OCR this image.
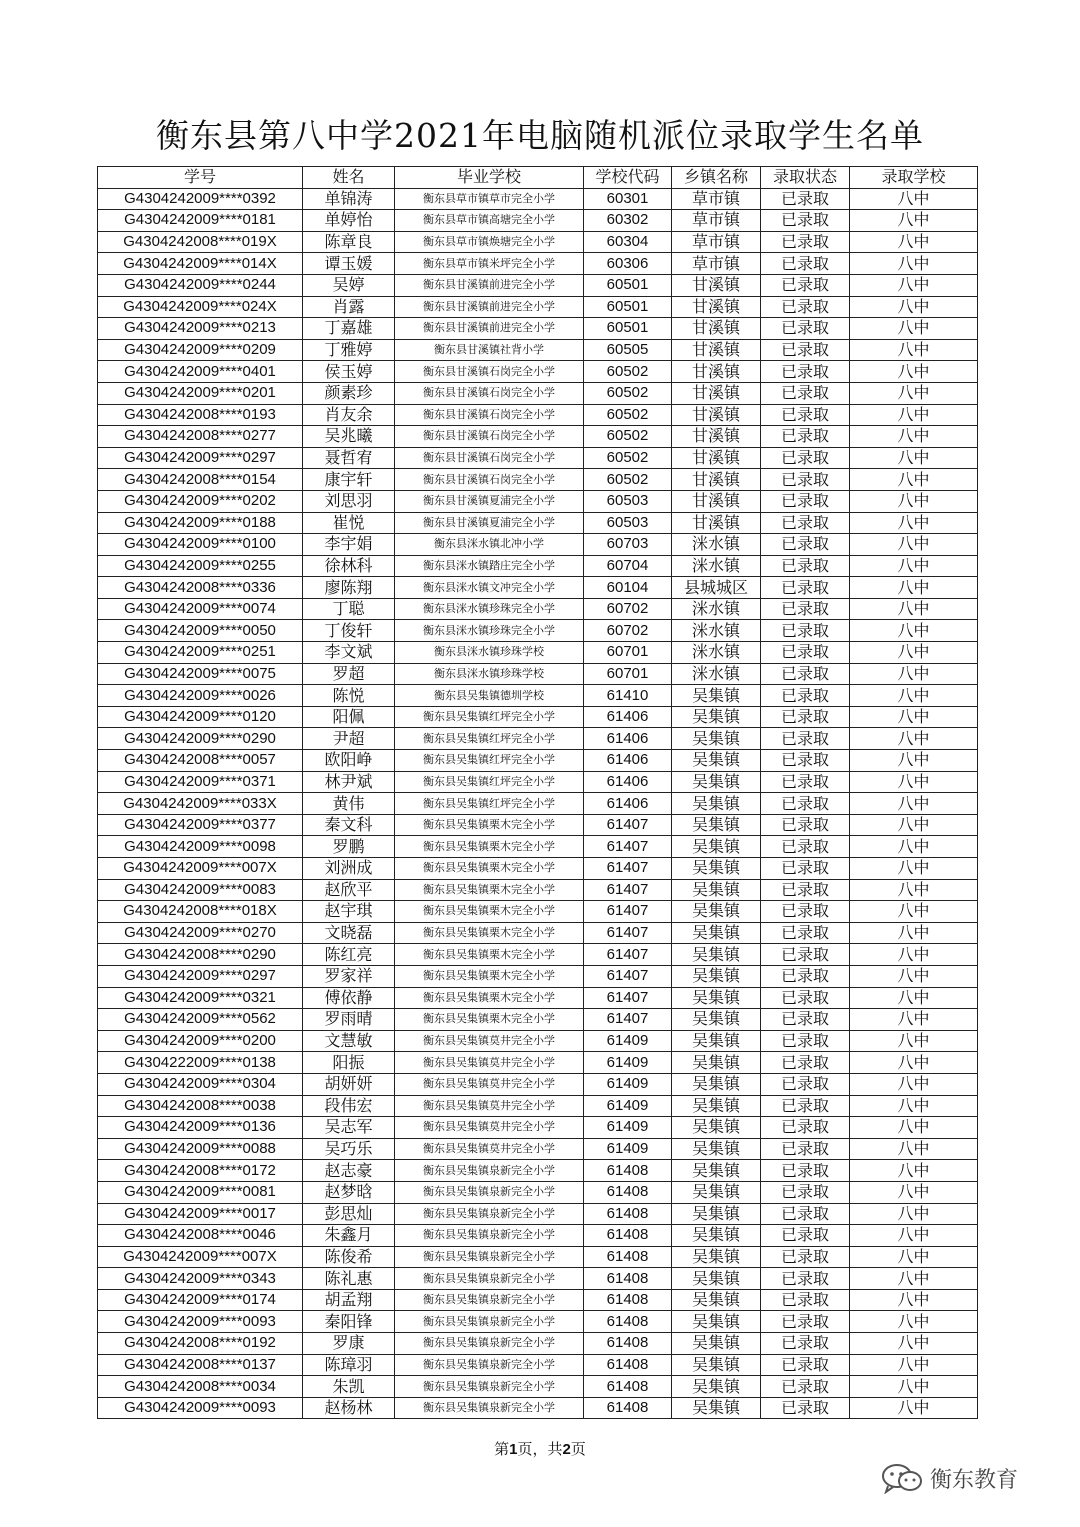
衡东县第八中学2021年电脑随机派位录取学生名单
学号	姓名	毕业学校	学校代码	乡镇名称	录取状态	录取学校
G4304242009****0392	单锦涛	衡东县草市镇草市完全小学	60301	草市镇	已录取	八中
G4304242009****0181	单婷怡	衡东县草市镇高塘完全小学	60302	草市镇	已录取	八中
G4304242008****019X	陈章良	衡东县草市镇焕塘完全小学	60304	草市镇	已录取	八中
G4304242009****014X	谭玉媛	衡东县草市镇米坪完全小学	60306	草市镇	已录取	八中
G4304242009****0244	吴婷	衡东县甘溪镇前进完全小学	60501	甘溪镇	已录取	八中
G4304242009****024X	肖露	衡东县甘溪镇前进完全小学	60501	甘溪镇	已录取	八中
G4304242009****0213	丁嘉雄	衡东县甘溪镇前进完全小学	60501	甘溪镇	已录取	八中
G4304242009****0209	丁雅婷	衡东县甘溪镇社背小学	60505	甘溪镇	已录取	八中
G4304242009****0401	侯玉婷	衡东县甘溪镇石岗完全小学	60502	甘溪镇	已录取	八中
G4304242009****0201	颜素珍	衡东县甘溪镇石岗完全小学	60502	甘溪镇	已录取	八中
G4304242008****0193	肖友余	衡东县甘溪镇石岗完全小学	60502	甘溪镇	已录取	八中
G4304242008****0277	吴兆曦	衡东县甘溪镇石岗完全小学	60502	甘溪镇	已录取	八中
G4304242009****0297	聂哲宥	衡东县甘溪镇石岗完全小学	60502	甘溪镇	已录取	八中
G4304242008****0154	康宇轩	衡东县甘溪镇石岗完全小学	60502	甘溪镇	已录取	八中
G4304242009****0202	刘思羽	衡东县甘溪镇夏浦完全小学	60503	甘溪镇	已录取	八中
G4304242009****0188	崔悦	衡东县甘溪镇夏浦完全小学	60503	甘溪镇	已录取	八中
G4304242009****0100	李宇娟	衡东县洣水镇北冲小学	60703	洣水镇	已录取	八中
G4304242009****0255	徐林科	衡东县洣水镇踏庄完全小学	60704	洣水镇	已录取	八中
G4304242008****0336	廖陈翔	衡东县洣水镇文冲完全小学	60104	县城城区	已录取	八中
G4304242009****0074	丁聪	衡东县洣水镇珍珠完全小学	60702	洣水镇	已录取	八中
G4304242009****0050	丁俊轩	衡东县洣水镇珍珠完全小学	60702	洣水镇	已录取	八中
G4304242009****0251	李文斌	衡东县洣水镇珍珠学校	60701	洣水镇	已录取	八中
G4304242009****0075	罗超	衡东县洣水镇珍珠学校	60701	洣水镇	已录取	八中
G4304242009****0026	陈悦	衡东县吴集镇德圳学校	61410	吴集镇	已录取	八中
G4304242009****0120	阳佩	衡东县吴集镇红坪完全小学	61406	吴集镇	已录取	八中
G4304242009****0290	尹超	衡东县吴集镇红坪完全小学	61406	吴集镇	已录取	八中
G4304242008****0057	欧阳峥	衡东县吴集镇红坪完全小学	61406	吴集镇	已录取	八中
G4304242009****0371	林尹斌	衡东县吴集镇红坪完全小学	61406	吴集镇	已录取	八中
G4304242009****033X	黄伟	衡东县吴集镇红坪完全小学	61406	吴集镇	已录取	八中
G4304242009****0377	秦文科	衡东县吴集镇栗木完全小学	61407	吴集镇	已录取	八中
G4304242009****0098	罗鹏	衡东县吴集镇栗木完全小学	61407	吴集镇	已录取	八中
G4304242009****007X	刘洲成	衡东县吴集镇栗木完全小学	61407	吴集镇	已录取	八中
G4304242009****0083	赵欣平	衡东县吴集镇栗木完全小学	61407	吴集镇	已录取	八中
G4304242008****018X	赵宇琪	衡东县吴集镇栗木完全小学	61407	吴集镇	已录取	八中
G4304242009****0270	文晓磊	衡东县吴集镇栗木完全小学	61407	吴集镇	已录取	八中
G4304242008****0290	陈红亮	衡东县吴集镇栗木完全小学	61407	吴集镇	已录取	八中
G4304242009****0297	罗家祥	衡东县吴集镇栗木完全小学	61407	吴集镇	已录取	八中
G4304242009****0321	傅依静	衡东县吴集镇栗木完全小学	61407	吴集镇	已录取	八中
G4304242009****0562	罗雨晴	衡东县吴集镇栗木完全小学	61407	吴集镇	已录取	八中
G4304242009****0200	文慧敏	衡东县吴集镇莫井完全小学	61409	吴集镇	已录取	八中
G4304222009****0138	阳振	衡东县吴集镇莫井完全小学	61409	吴集镇	已录取	八中
G4304242009****0304	胡妍妍	衡东县吴集镇莫井完全小学	61409	吴集镇	已录取	八中
G4304242008****0038	段伟宏	衡东县吴集镇莫井完全小学	61409	吴集镇	已录取	八中
G4304242009****0136	吴志军	衡东县吴集镇莫井完全小学	61409	吴集镇	已录取	八中
G4304242009****0088	吴巧乐	衡东县吴集镇莫井完全小学	61409	吴集镇	已录取	八中
G4304242008****0172	赵志豪	衡东县吴集镇泉新完全小学	61408	吴集镇	已录取	八中
G4304242009****0081	赵梦晗	衡东县吴集镇泉新完全小学	61408	吴集镇	已录取	八中
G4304242009****0017	彭思灿	衡东县吴集镇泉新完全小学	61408	吴集镇	已录取	八中
G4304242008****0046	朱鑫月	衡东县吴集镇泉新完全小学	61408	吴集镇	已录取	八中
G4304242009****007X	陈俊希	衡东县吴集镇泉新完全小学	61408	吴集镇	已录取	八中
G4304242009****0343	陈礼惠	衡东县吴集镇泉新完全小学	61408	吴集镇	已录取	八中
G4304242009****0174	胡孟翔	衡东县吴集镇泉新完全小学	61408	吴集镇	已录取	八中
G4304242009****0093	秦阳锋	衡东县吴集镇泉新完全小学	61408	吴集镇	已录取	八中
G4304242008****0192	罗康	衡东县吴集镇泉新完全小学	61408	吴集镇	已录取	八中
G4304242008****0137	陈璋羽	衡东县吴集镇泉新完全小学	61408	吴集镇	已录取	八中
G4304242008****0034	朱凯	衡东县吴集镇泉新完全小学	61408	吴集镇	已录取	八中
G4304242009****0093	赵杨林	衡东县吴集镇泉新完全小学	61408	吴集镇	已录取	八中
第1页，共2页
衡东教育
